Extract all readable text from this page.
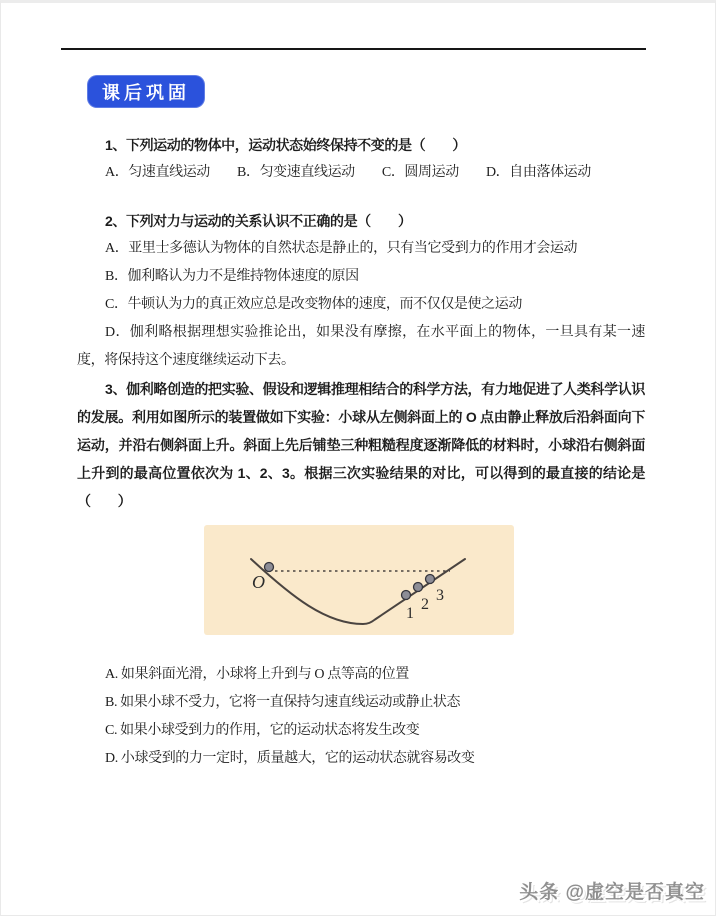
课后巩固

1、下列运动的物体中，运动状态始终保持不变的是（　　）

A．匀速直线运动 B．匀变速直线运动 C．圆周运动 D．自由落体运动

2、下列对力与运动的关系认识不正确的是（　　）

A．亚里士多德认为物体的自然状态是静止的，只有当它受到力的作用才会运动

B．伽利略认为力不是维持物体速度的原因

C．牛顿认为力的真正效应总是改变物体的速度，而不仅仅是使之运动

D．伽利略根据理想实验推论出，如果没有摩擦，在水平面上的物体，一旦具有某一速度，将保持这个速度继续运动下去。

3、伽利略创造的把实验、假设和逻辑推理相结合的科学方法，有力地促进了人类科学认识的发展。利用如图所示的装置做如下实验：小球从左侧斜面上的 O 点由静止释放后沿斜面向下运动，并沿右侧斜面上升。斜面上先后铺垫三种粗糙程度逐渐降低的材料时，小球沿右侧斜面上升到的最高位置依次为 1、2、3。根据三次实验结果的对比，可以得到的最直接的结论是（　　）

O
1
2
3

A. 如果斜面光滑，小球将上升到与 O 点等高的位置

B. 如果小球不受力，它将一直保持匀速直线运动或静止状态

C. 如果小球受到力的作用，它的运动状态将发生改变

D. 小球受到的力一定时，质量越大，它的运动状态就容易改变

头条 @虚空是否真空
